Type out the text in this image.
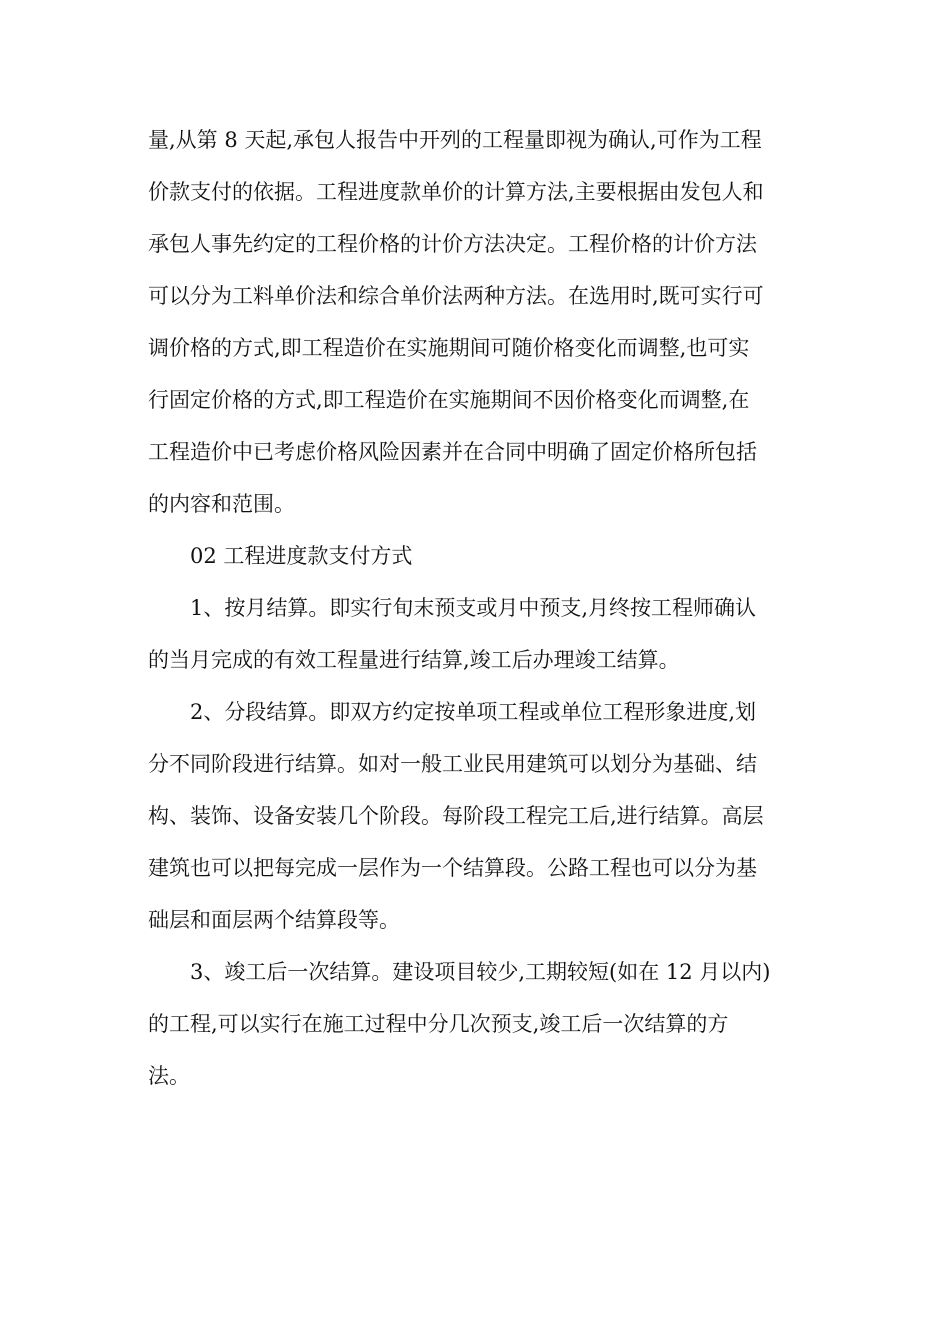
量,从第 8 天起,承包人报告中开列的工程量即视为确认,可作为工程
价款支付的依据。工程进度款单价的计算方法,主要根据由发包人和
承包人事先约定的工程价格的计价方法决定。工程价格的计价方法
可以分为工料单价法和综合单价法两种方法。在选用时,既可实行可
调价格的方式,即工程造价在实施期间可随价格变化而调整,也可实
行固定价格的方式,即工程造价在实施期间不因价格变化而调整,在
工程造价中已考虑价格风险因素并在合同中明确了固定价格所包括
的内容和范围。
02 工程进度款支付方式
1、按月结算。即实行旬末预支或月中预支,月终按工程师确认
的当月完成的有效工程量进行结算,竣工后办理竣工结算。
2、分段结算。即双方约定按单项工程或单位工程形象进度,划
分不同阶段进行结算。如对一般工业民用建筑可以划分为基础、结
构、装饰、设备安装几个阶段。每阶段工程完工后,进行结算。高层
建筑也可以把每完成一层作为一个结算段。公路工程也可以分为基
础层和面层两个结算段等。
3、竣工后一次结算。建设项目较少,工期较短(如在 12 月以内)
的工程,可以实行在施工过程中分几次预支,竣工后一次结算的方
法。
